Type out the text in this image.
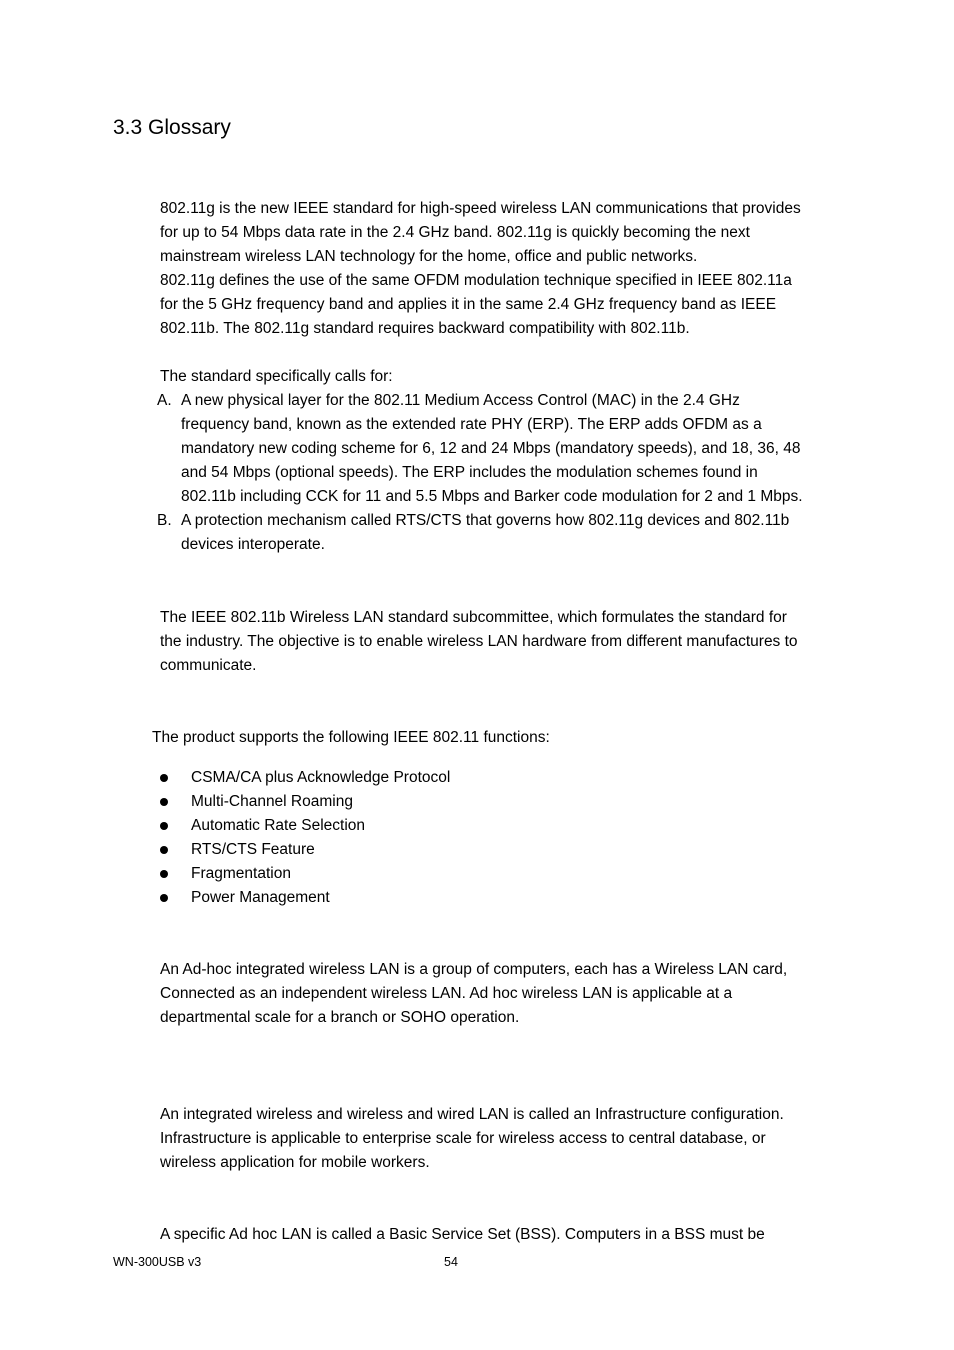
3.3 Glossary

802.11g is the new IEEE standard for high-speed wireless LAN communications that provides
for up to 54 Mbps data rate in the 2.4 GHz band. 802.11g is quickly becoming the next
mainstream wireless LAN technology for the home, office and public networks.
802.11g defines the use of the same OFDM modulation technique specified in IEEE 802.11a
for the 5 GHz frequency band and applies it in the same 2.4 GHz frequency band as IEEE
802.11b. The 802.11g standard requires backward compatibility with 802.11b.

The standard specifically calls for:

A. A new physical layer for the 802.11 Medium Access Control (MAC) in the 2.4 GHz
frequency band, known as the extended rate PHY (ERP). The ERP adds OFDM as a
mandatory new coding scheme for 6, 12 and 24 Mbps (mandatory speeds), and 18, 36, 48
and 54 Mbps (optional speeds). The ERP includes the modulation schemes found in
802.11b including CCK for 11 and 5.5 Mbps and Barker code modulation for 2 and 1 Mbps.
B. A protection mechanism called RTS/CTS that governs how 802.11g devices and 802.11b
devices interoperate.

The IEEE 802.11b Wireless LAN standard subcommittee, which formulates the standard for
the industry. The objective is to enable wireless LAN hardware from different manufactures to
communicate.

The product supports the following IEEE 802.11 functions:

CSMA/CA plus Acknowledge Protocol
Multi-Channel Roaming
Automatic Rate Selection
RTS/CTS Feature
Fragmentation
Power Management

An Ad-hoc integrated wireless LAN is a group of computers, each has a Wireless LAN card,
Connected as an independent wireless LAN. Ad hoc wireless LAN is applicable at a
departmental scale for a branch or SOHO operation.

An integrated wireless and wireless and wired LAN is called an Infrastructure configuration.
Infrastructure is applicable to enterprise scale for wireless access to central database, or
wireless application for mobile workers.

A specific Ad hoc LAN is called a Basic Service Set (BSS). Computers in a BSS must be

WN-300USB v3	54
